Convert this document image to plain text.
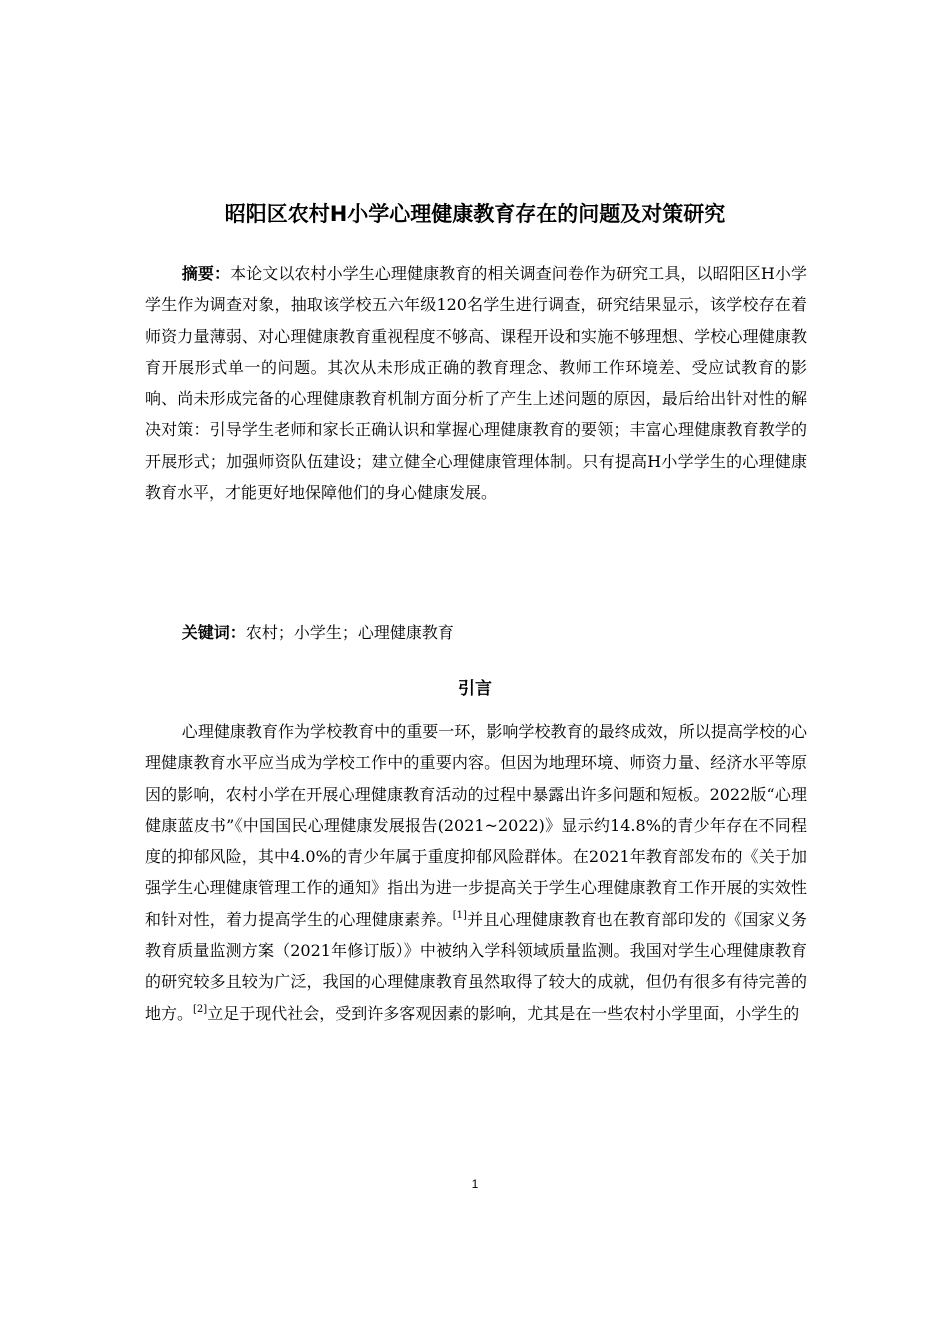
昭阳区农村H小学心理健康教育存在的问题及对策研究

摘要：本论文以农村小学生心理健康教育的相关调查问卷作为研究工具，以昭阳区H小学学生作为调查对象，抽取该学校五六年级120名学生进行调查，研究结果显示，该学校存在着师资力量薄弱、对心理健康教育重视程度不够高、课程开设和实施不够理想、学校心理健康教育开展形式单一的问题。其次从未形成正确的教育理念、教师工作环境差、受应试教育的影响、尚未形成完备的心理健康教育机制方面分析了产生上述问题的原因，最后给出针对性的解决对策：引导学生老师和家长正确认识和掌握心理健康教育的要领；丰富心理健康教育教学的开展形式；加强师资队伍建设；建立健全心理健康管理体制。只有提高H小学学生的心理健康教育水平，才能更好地保障他们的身心健康发展。

关键词：农村；小学生；心理健康教育

引言

心理健康教育作为学校教育中的重要一环，影响学校教育的最终成效，所以提高学校的心理健康教育水平应当成为学校工作中的重要内容。但因为地理环境、师资力量、经济水平等原因的影响，农村小学在开展心理健康教育活动的过程中暴露出许多问题和短板。2022版“心理健康蓝皮书”《中国国民心理健康发展报告(2021~2022)》显示约14.8%的青少年存在不同程度的抑郁风险，其中4.0%的青少年属于重度抑郁风险群体。在2021年教育部发布的《关于加强学生心理健康管理工作的通知》指出为进一步提高关于学生心理健康教育工作开展的实效性和针对性，着力提高学生的心理健康素养。[1]并且心理健康教育也在教育部印发的《国家义务教育质量监测方案（2021年修订版）》中被纳入学科领域质量监测。我国对学生心理健康教育的研究较多且较为广泛，我国的心理健康教育虽然取得了较大的成就，但仍有很多有待完善的地方。[2]立足于现代社会，受到许多客观因素的影响，尤其是在一些农村小学里面，小学生的

1
